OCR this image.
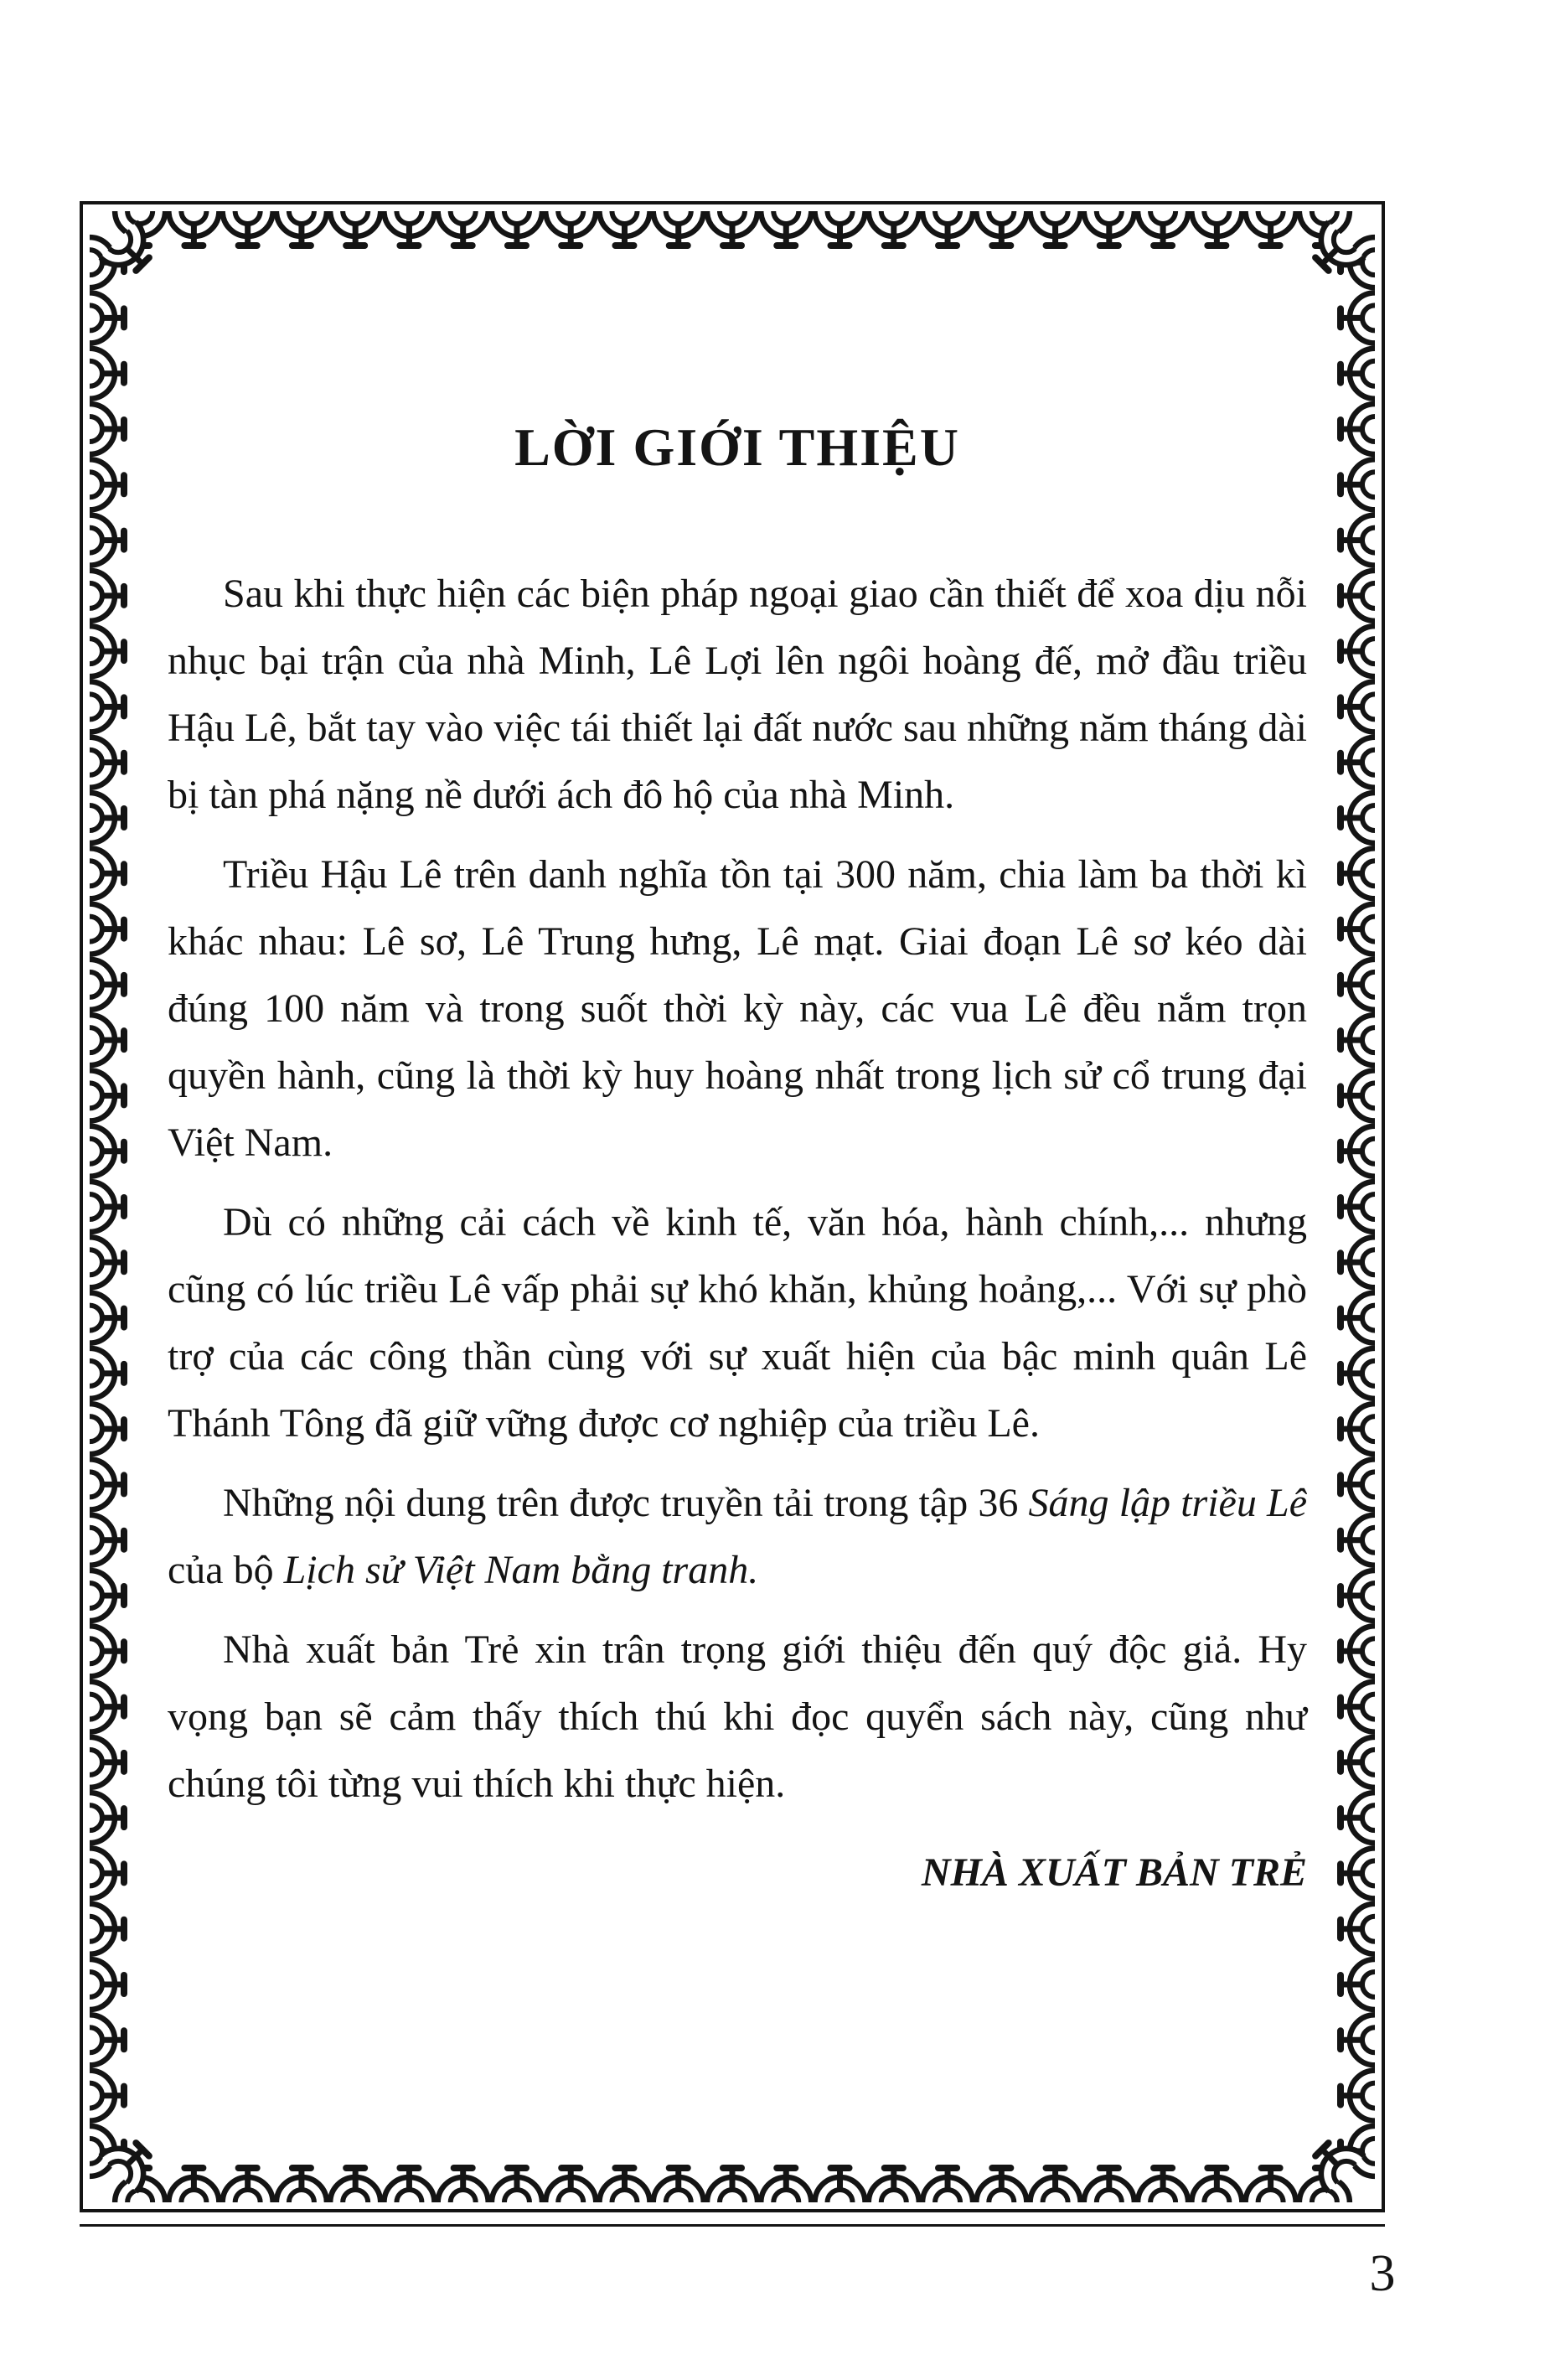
LỜI GIỚI THIỆU

Sau khi thực hiện các biện pháp ngoại giao cần thiết để xoa dịu nỗi nhục bại trận của nhà Minh, Lê Lợi lên ngôi hoàng đế, mở đầu triều Hậu Lê, bắt tay vào việc tái thiết lại đất nước sau những năm tháng dài bị tàn phá nặng nề dưới ách đô hộ của nhà Minh.

Triều Hậu Lê trên danh nghĩa tồn tại 300 năm, chia làm ba thời kì khác nhau: Lê sơ, Lê Trung hưng, Lê mạt. Giai đoạn Lê sơ kéo dài đúng 100 năm và trong suốt thời kỳ này, các vua Lê đều nắm trọn quyền hành, cũng là thời kỳ huy hoàng nhất trong lịch sử cổ trung đại Việt Nam.

Dù có những cải cách về kinh tế, văn hóa, hành chính,... nhưng cũng có lúc triều Lê vấp phải sự khó khăn, khủng hoảng,... Với sự phò trợ của các công thần cùng với sự xuất hiện của bậc minh quân Lê Thánh Tông đã giữ vững được cơ nghiệp của triều Lê.

Những nội dung trên được truyền tải trong tập 36 Sáng lập triều Lê của bộ Lịch sử Việt Nam bằng tranh.

Nhà xuất bản Trẻ xin trân trọng giới thiệu đến quý độc giả. Hy vọng bạn sẽ cảm thấy thích thú khi đọc quyển sách này, cũng như chúng tôi từng vui thích khi thực hiện.

NHÀ XUẤT BẢN TRẺ
3
